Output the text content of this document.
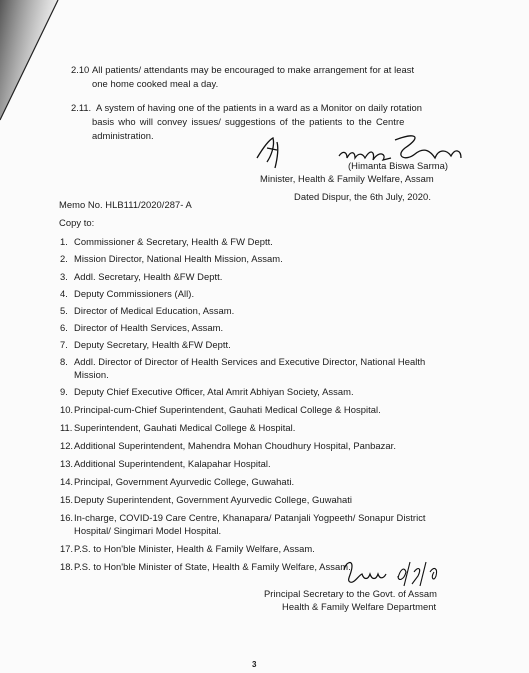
2.10 All patients/ attendants may be encouraged to make arrangement for at least
one home cooked meal a day.
2.11. A system of having one of the patients in a ward as a Monitor on daily rotation
basis who will convey issues/ suggestions of the patients to the Centre
administration.
(Himanta Biswa Sarma)
Minister, Health & Family Welfare, Assam
Dated Dispur, the 6th July, 2020.
Memo No. HLB111/2020/287- A
Copy to:
1. Commissioner & Secretary, Health & FW Deptt.
2. Mission Director, National Health Mission, Assam.
3. Addl. Secretary, Health &FW Deptt.
4. Deputy Commissioners (All).
5. Director of Medical Education, Assam.
6. Director of Health Services, Assam.
7. Deputy Secretary, Health &FW Deptt.
8. Addl. Director of Director of Health Services and Executive Director, National Health
Mission.
9. Deputy Chief Executive Officer, Atal Amrit Abhiyan Society, Assam.
10. Principal-cum-Chief Superintendent, Gauhati Medical College & Hospital.
11. Superintendent, Gauhati Medical College & Hospital.
12. Additional Superintendent, Mahendra Mohan Choudhury Hospital, Panbazar.
13. Additional Superintendent, Kalapahar Hospital.
14. Principal, Government Ayurvedic College, Guwahati.
15. Deputy Superintendent, Government Ayurvedic College, Guwahati
16. In-charge, COVID-19 Care Centre, Khanapara/ Patanjali Yogpeeth/ Sonapur District
Hospital/ Singimari Model Hospital.
17. P.S. to Hon'ble Minister, Health & Family Welfare, Assam.
18. P.S. to Hon'ble Minister of State, Health & Family Welfare, Assam.
Principal Secretary to the Govt. of Assam
Health & Family Welfare Department
3
